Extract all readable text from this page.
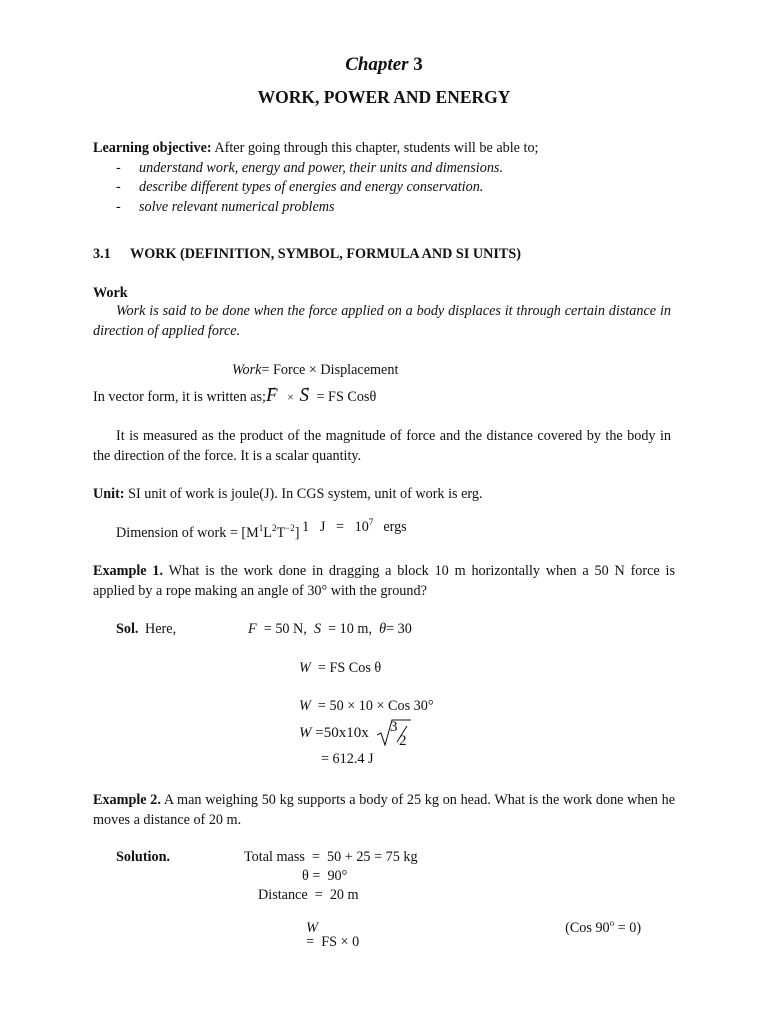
Chapter 3
WORK, POWER AND ENERGY
Learning objective: After going through this chapter, students will be able to;
- understand work, energy and power, their units and dimensions.
- describe different types of energies and energy conservation.
- solve relevant numerical problems
3.1 WORK (DEFINITION, SYMBOL, FORMULA AND SI UNITS)
Work
Work is said to be done when the force applied on a body displaces it through certain distance in direction of applied force.
Work= Force × Displacement
In vector form, it is written as;→ F × → S = FS Cosθ
It is measured as the product of the magnitude of force and the distance covered by the body in the direction of the force. It is a scalar quantity.
Unit: SI unit of work is joule(J). In CGS system, unit of work is erg.

1   $J = 10^7$ ergs

Dimension of work = $[M^1L^2T^{-2}]$
Example 1. What is the work done in dragging a block 10 m horizontally when a 50 N force is applied by a rope making an angle of 30° with the ground?
Sol. Here,	F = 50 N, S = 10 m, θ= 30
W = FS Cos θ
W = 50 × 10 × Cos 30°
W =50x10x 3
2
= 612.4 J
Example 2. A man weighing 50 kg supports a body of 25 kg on head. What is the work done when he moves a distance of 20 m.
Solution.	Total mass  =  50 + 25 = 75 kg
θ =  90°
Distance  =  20 m

W
=  FS × 0

(Cos $90^o = 0$)
